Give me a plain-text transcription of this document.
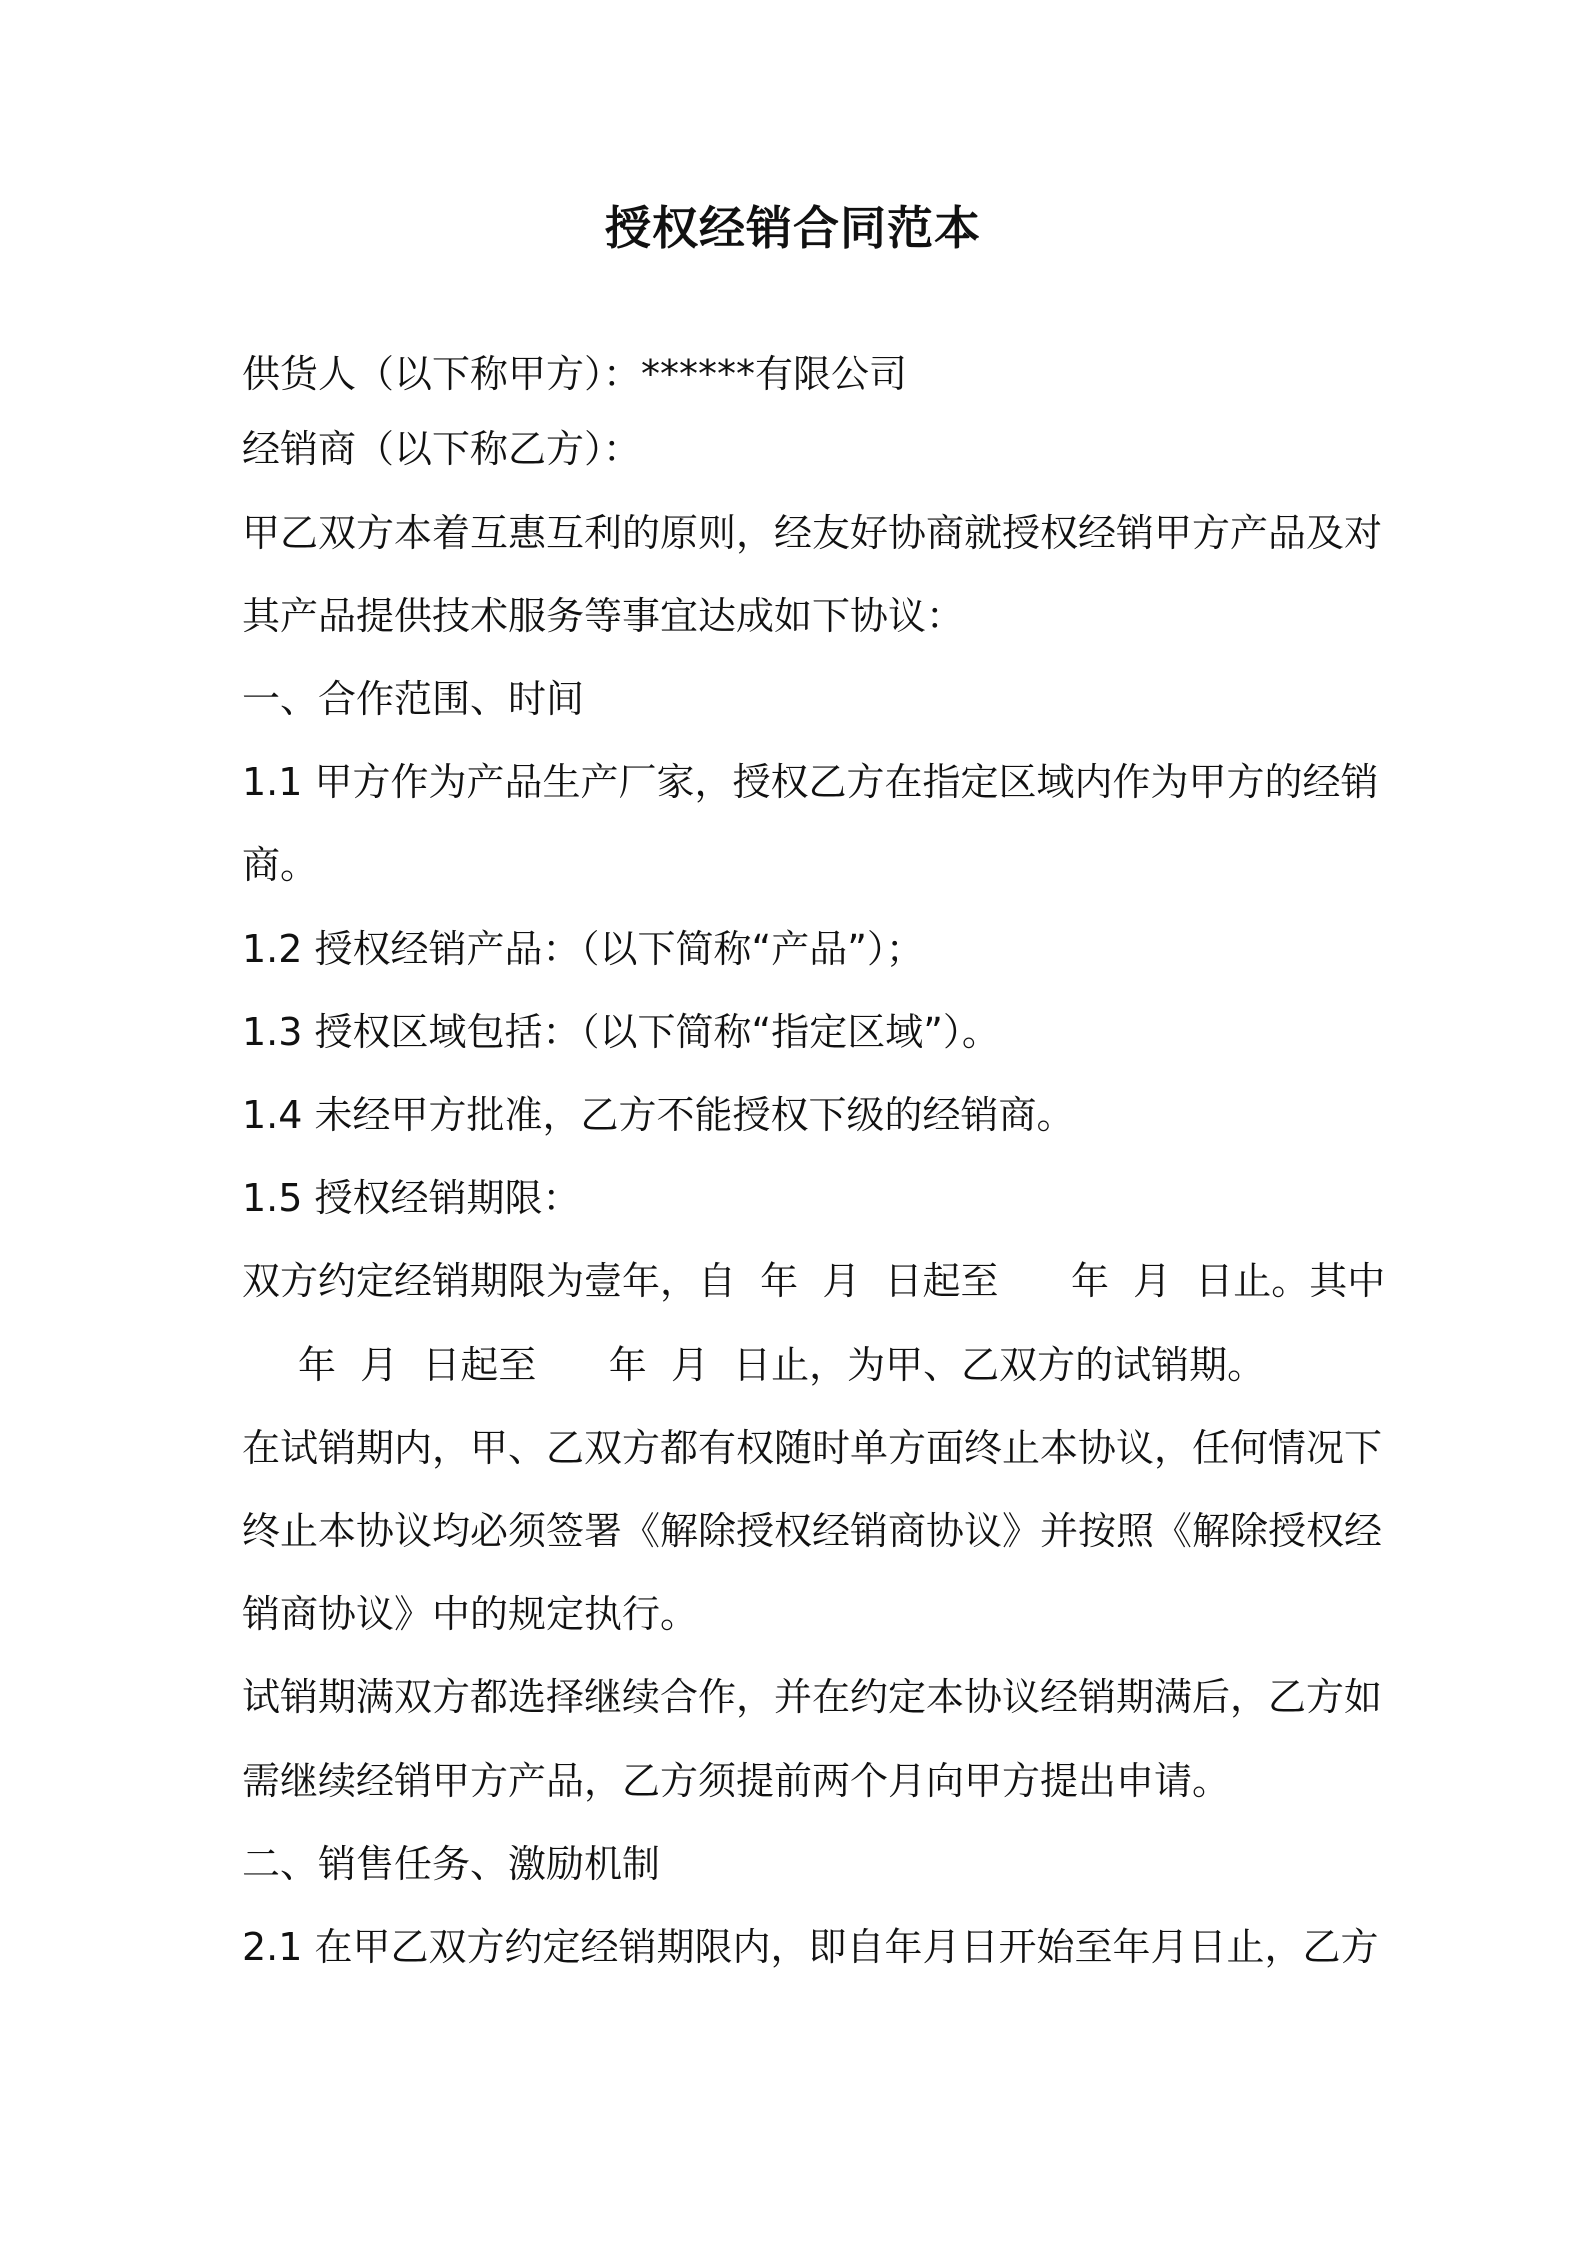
授权经销合同范本
供货人（以下称甲方）：******有限公司
经销商（以下称乙方）：
甲乙双方本着互惠互利的原则，经友好协商就授权经销甲方产品及对
其产品提供技术服务等事宜达成如下协议：
一、合作范围、时间
1.1 甲方作为产品生产厂家，授权乙方在指定区域内作为甲方的经销
商。
1.2 授权经销产品：（以下简称“产品”）；
1.3 授权区域包括：（以下简称“指定区域”）。
1.4 未经甲方批准，乙方不能授权下级的经销商。
1.5 授权经销期限：
双方约定经销期限为壹年，自  年  月  日起至      年  月  日止。其中
年  月  日起至      年  月  日止，为甲、乙双方的试销期。
在试销期内，甲、乙双方都有权随时单方面终止本协议，任何情况下
终止本协议均必须签署《解除授权经销商协议》并按照《解除授权经
销商协议》中的规定执行。
试销期满双方都选择继续合作，并在约定本协议经销期满后，乙方如
需继续经销甲方产品，乙方须提前两个月向甲方提出申请。
二、销售任务、激励机制
2.1 在甲乙双方约定经销期限内，即自年月日开始至年月日止，乙方
